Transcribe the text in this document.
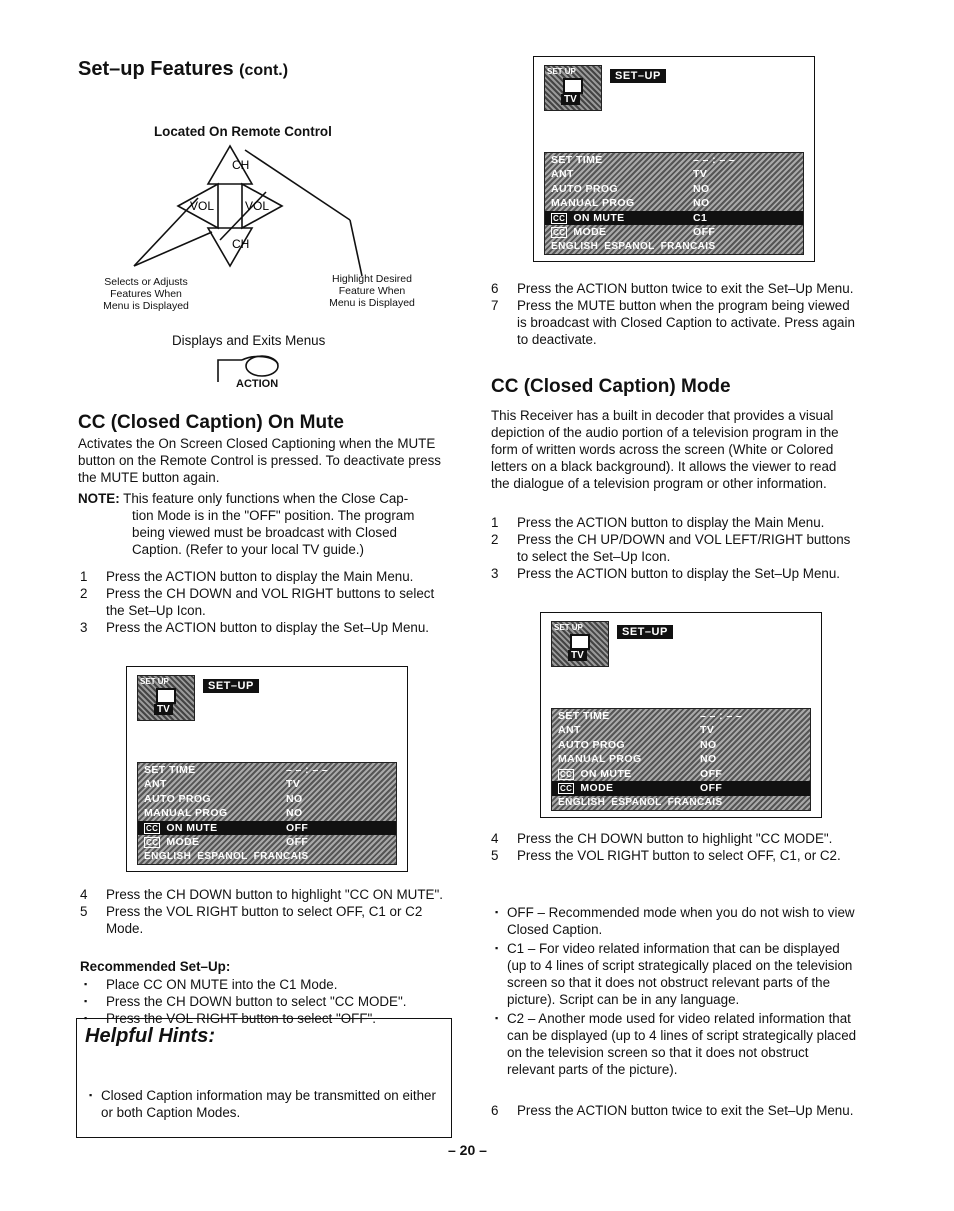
Set–up Features (cont.)
Located On Remote Control
CH
CH
VOL	VOL
Selects or Adjusts
Features When
Menu is Displayed
Highlight Desired
Feature When
Menu is Displayed
Displays and Exits Menus
ACTION
CC (Closed Caption) On Mute
Activates the On Screen Closed Captioning when the MUTE button on the Remote Control is pressed. To deactivate press the MUTE button again.
NOTE: This feature only functions when the Close Cap-
tion Mode is in the "OFF" position. The program being viewed must be broadcast with Closed Caption. (Refer to your local TV guide.)
1 Press the ACTION button to display the Main Menu.
2 Press the CH DOWN and VOL RIGHT buttons to select the Set–Up Icon.
3 Press the ACTION button to display the Set–Up Menu.
SET UP
TV
SET–UP
SET TIME	– – : – –
ANT	TV
AUTO PROG	NO
MANUAL PROG	NO
CC ON MUTE	OFF
CC MODE	OFF
ENGLISH ESPANOL FRANCAIS
4 Press the CH DOWN button to highlight "CC ON MUTE".
5 Press the VOL RIGHT button to select OFF, C1 or C2 Mode.
Recommended Set–Up:
▪ Place CC ON MUTE into the C1 Mode.
▪ Press the CH DOWN button to select "CC MODE".
▪ Press the VOL RIGHT button to select "OFF".
Helpful Hints:
▪ Closed Caption information may be transmitted on either or both Caption Modes.
SET UP
TV
SET–UP
SET TIME	– – : – –
ANT	TV
AUTO PROG	NO
MANUAL PROG	NO
CC ON MUTE	C1
CC MODE	OFF
ENGLISH ESPANOL FRANCAIS
6 Press the ACTION button twice to exit the Set–Up Menu.
7 Press the MUTE button when the program being viewed is broadcast with Closed Caption to activate. Press again to deactivate.
CC (Closed Caption) Mode
This Receiver has a built in decoder that provides a visual depiction of the audio portion of a television program in the form of written words across the screen (White or Colored letters on a black background). It allows the viewer to read the dialogue of a television program or other information.
1 Press the ACTION button to display the Main Menu.
2 Press the CH UP/DOWN and VOL LEFT/RIGHT buttons to select the Set–Up Icon.
3 Press the ACTION button to display the Set–Up Menu.
SET UP
TV
SET–UP
SET TIME	– – : – –
ANT	TV
AUTO PROG	NO
MANUAL PROG	NO
CC ON MUTE	OFF
CC MODE	OFF
ENGLISH ESPANOL FRANCAIS
4 Press the CH DOWN button to highlight "CC MODE".
5 Press the VOL RIGHT button to select OFF, C1, or C2.
▪ OFF – Recommended mode when you do not wish to view Closed Caption.
▪ C1 – For video related information that can be displayed (up to 4 lines of script strategically placed on the television screen so that it does not obstruct relevant parts of the picture). Script can be in any language.
▪ C2 – Another mode used for video related information that can be displayed (up to 4 lines of script strategically placed on the television screen so that it does not obstruct relevant parts of the picture).
6 Press the ACTION button twice to exit the Set–Up Menu.
– 20 –
